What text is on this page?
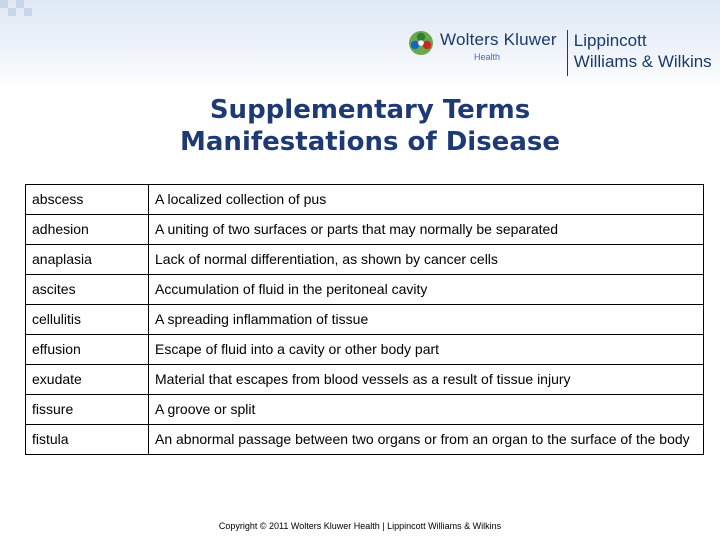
Wolters Kluwer
Health
Lippincott
Williams & Wilkins
Supplementary Terms
Manifestations of Disease
abscess	A localized collection of pus
adhesion	A uniting of two surfaces or parts that may normally be separated
anaplasia	Lack of normal differentiation, as shown by cancer cells
ascites	Accumulation of fluid in the peritoneal cavity
cellulitis	A spreading inflammation of tissue
effusion	Escape of fluid into a cavity or other body part
exudate	Material that escapes from blood vessels as a result of tissue injury
fissure	A groove or split
fistula	An abnormal passage between two organs or from an organ to the surface of the body
Copyright © 2011 Wolters Kluwer Health | Lippincott Williams & Wilkins
